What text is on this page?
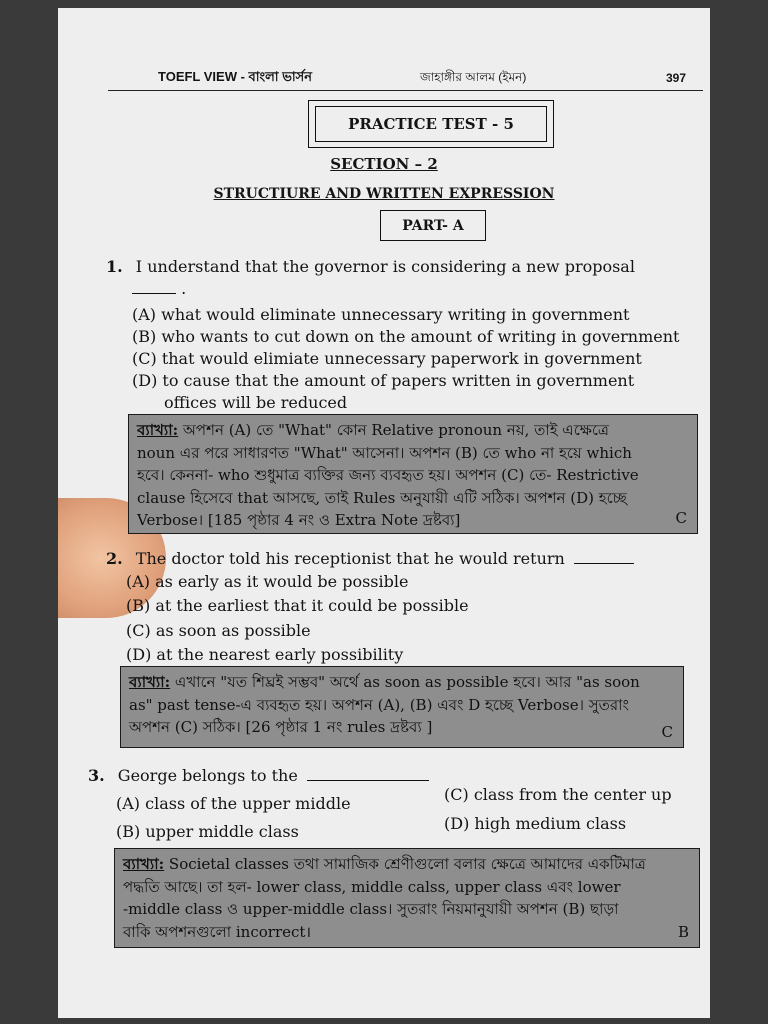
TOEFL VIEW - বাংলা ভার্সন	জাহাঙ্গীর আলম (ইমন)	397
PRACTICE TEST - 5
SECTION – 2
STRUCTIURE AND WRITTEN EXPRESSION
PART- A
1. I understand that the governor is considering a new proposal
.
(A) what would eliminate unnecessary writing in government
(B) who wants to cut down on the amount of writing in government
(C) that would elimiate unnecessary paperwork in government
(D) to cause that the amount of papers written in government
offices will be reduced
ব্যাখ্যা: অপশন (A) তে "What" কোন Relative pronoun নয়, তাই এক্ষেত্রে
noun এর পরে সাধারণত "What" আসেনা। অপশন (B) তে who না হয়ে which
হবে। কেননা- who শুধুমাত্র ব্যক্তির জন্য ব্যবহৃত হয়। অপশন (C) তে- Restrictive
clause হিসেবে that আসছে, তাই Rules অনুযায়ী এটি সঠিক। অপশন (D) হচ্ছে
Verbose। [185 পৃষ্ঠার 4 নং ও Extra Note দ্রষ্টব্য]	C
2. The doctor told his receptionist that he would return
(A) as early as it would be possible
(B) at the earliest that it could be possible
(C) as soon as possible
(D) at the nearest early possibility
ব্যাখ্যা: এখানে "যত শিঘ্রই সম্ভব" অর্থে as soon as possible হবে। আর "as soon
as" past tense-এ ব্যবহৃত হয়। অপশন (A), (B) এবং D হচ্ছে Verbose। সুতরাং
অপশন (C) সঠিক। [26 পৃষ্ঠার 1 নং rules দ্রষ্টব্য ]	C
3. George belongs to the
(A) class of the upper middle	(C) class from the center up
(B) upper middle class	(D) high medium class
ব্যাখ্যা: Societal classes তথা সামাজিক শ্রেণীগুলো বলার ক্ষেত্রে আমাদের একটিমাত্র
পদ্ধতি আছে। তা হল- lower class, middle calss, upper class এবং lower
-middle class ও upper-middle class। সুতরাং নিয়মানুযায়ী অপশন (B) ছাড়া
বাকি অপশনগুলো incorrect।	B
